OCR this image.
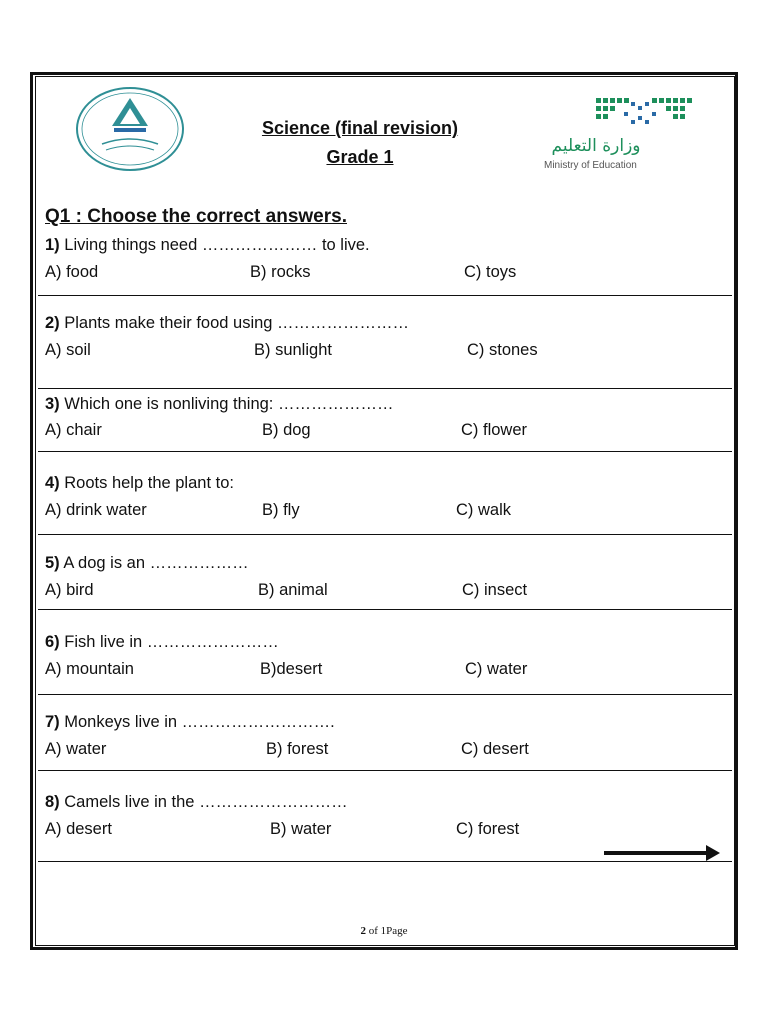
وزارة التعليم
Ministry of Education
Science (final revision)
Grade 1
Q1 : Choose the correct answers.
1) Living things need ………………… to live.
A) food	B) rocks	C) toys
2) Plants make their food using ……………………
A) soil	B) sunlight	C) stones
3) Which one is nonliving thing: …………………
A) chair	B) dog	C) flower
4) Roots help the plant to:
A) drink water	B) fly	C) walk
5) A dog is an ………………
A) bird	B) animal	C) insect
6) Fish live in ……………………
A) mountain	B)desert	C) water
7) Monkeys live in ……………………….
A) water	B) forest	C) desert
8) Camels live in the ………………………
A) desert	B) water	C) forest
2 of 1Page
